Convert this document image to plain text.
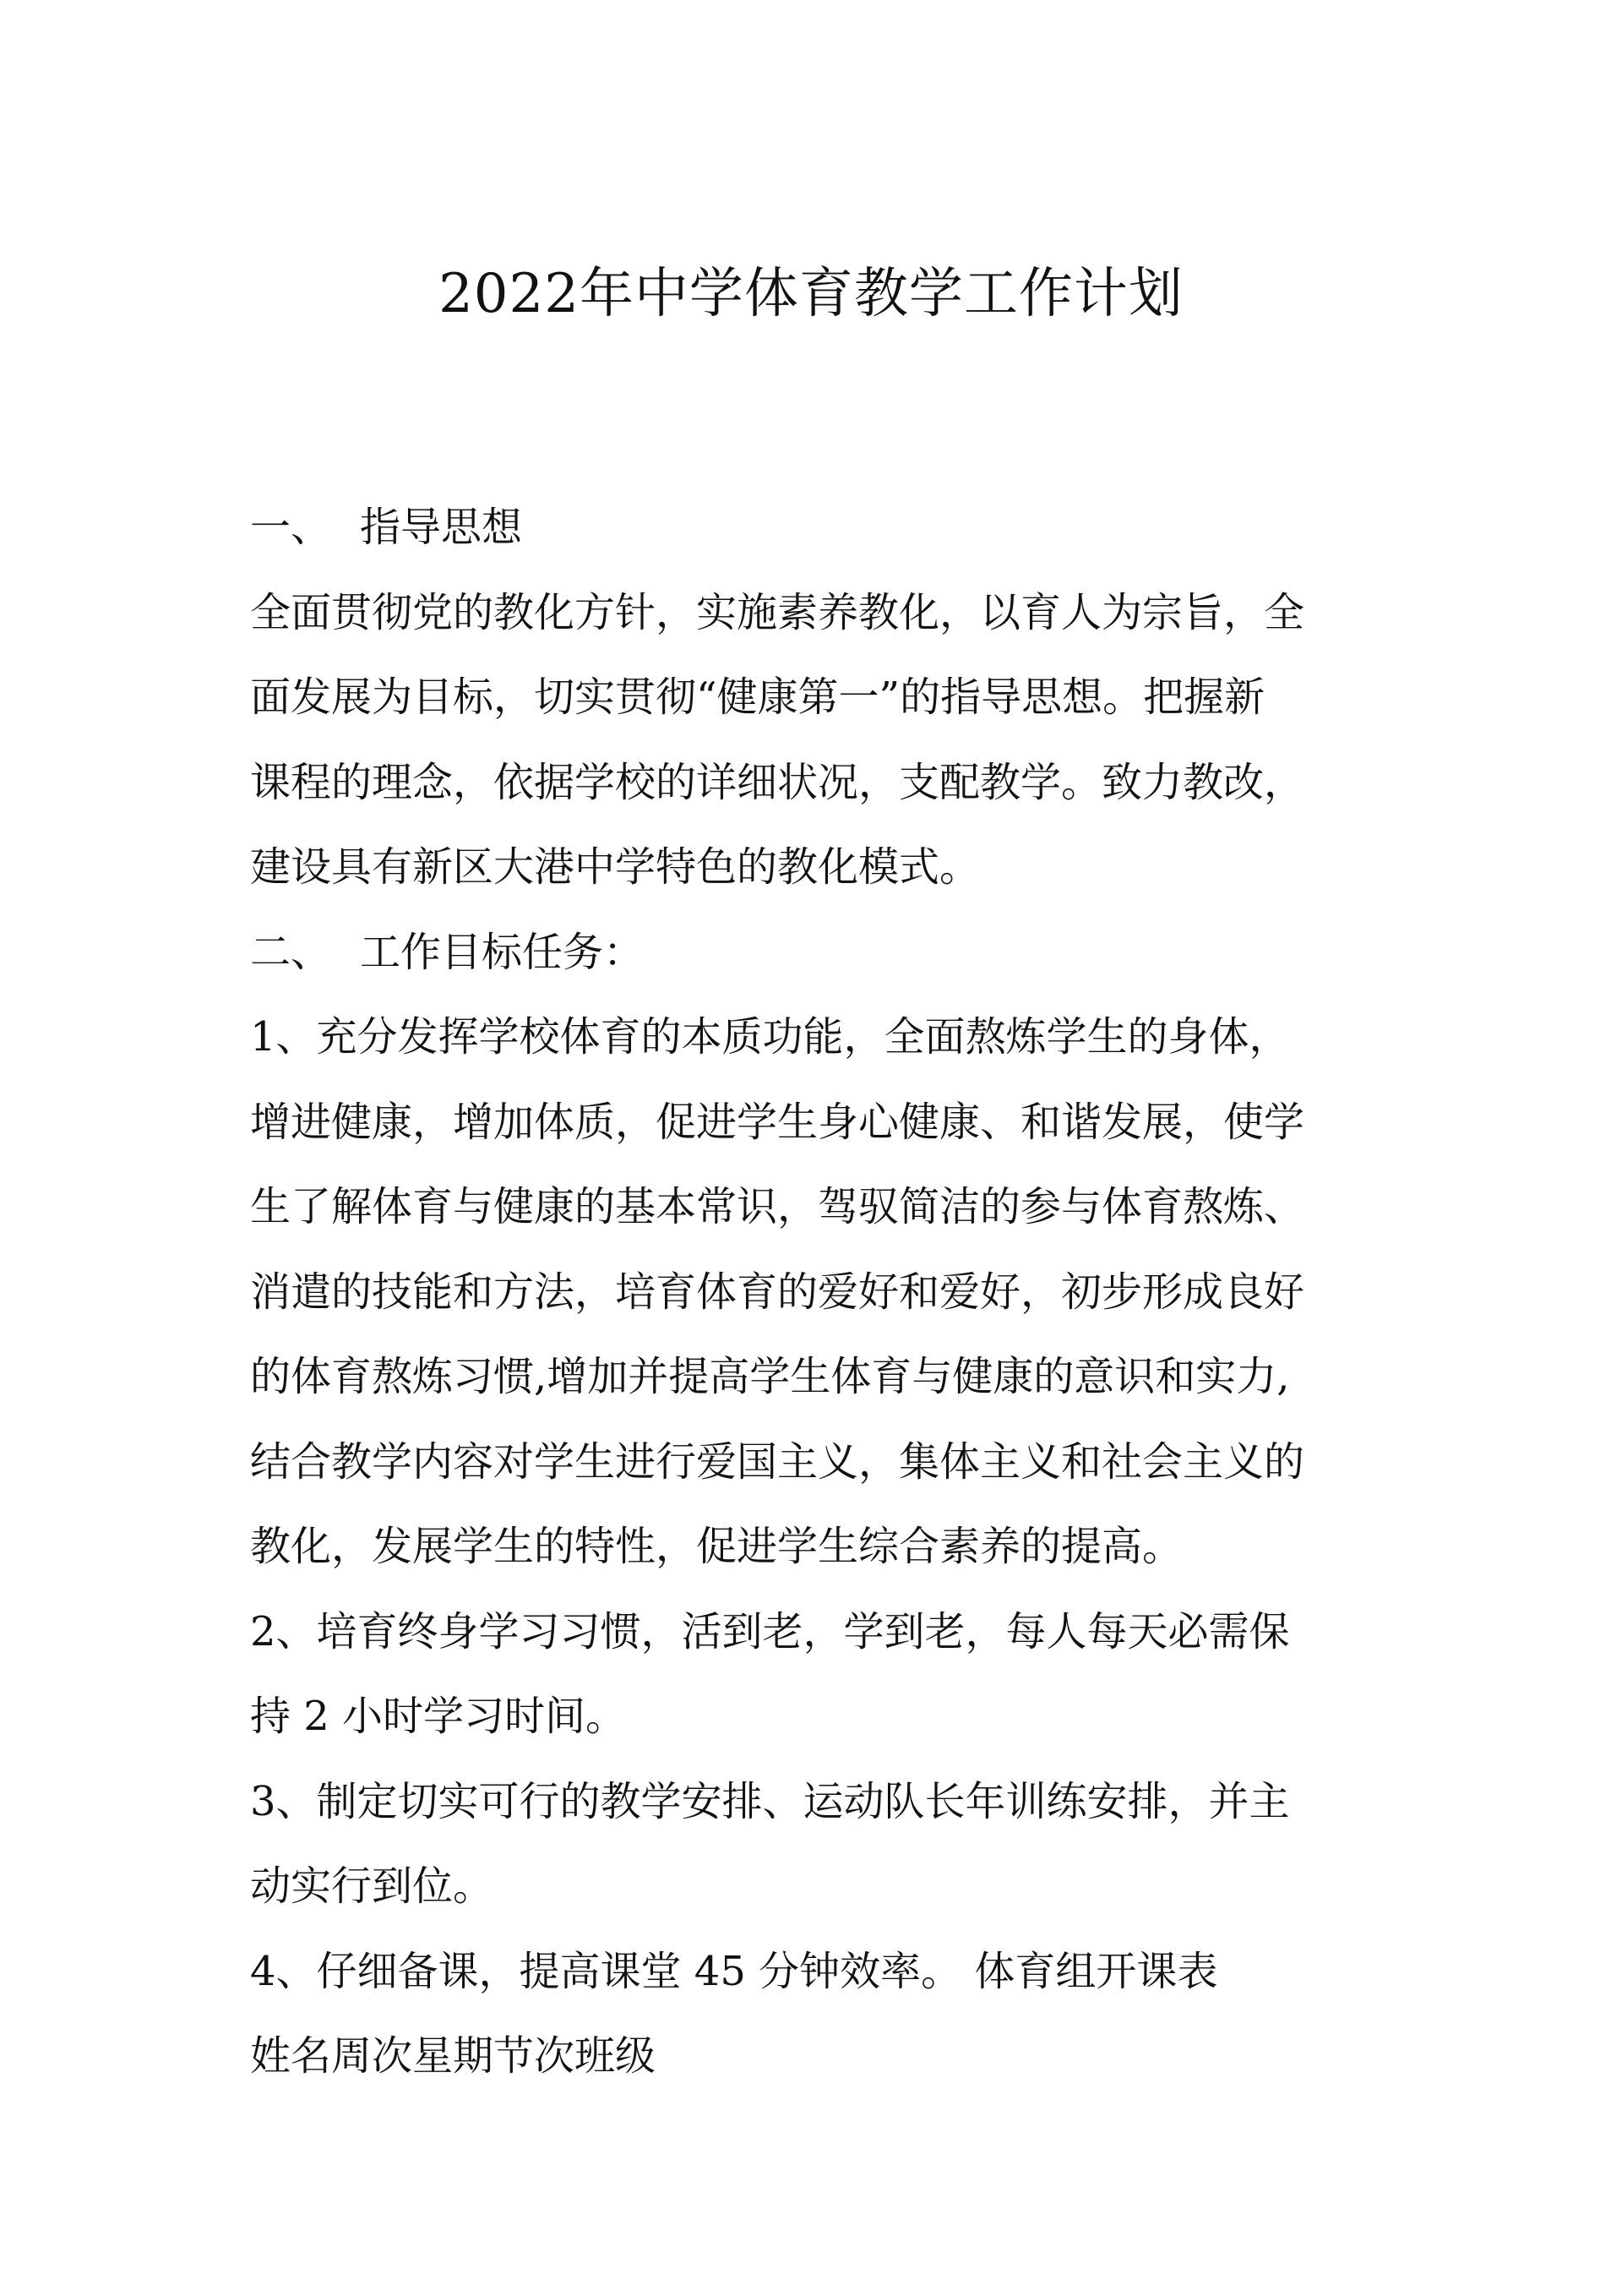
2022年中学体育教学工作计划

一、 指导思想

全面贯彻党的教化方针，实施素养教化，以育人为宗旨，全

面发展为目标，切实贯彻“健康第一”的指导思想。把握新

课程的理念，依据学校的详细状况，支配教学。致力教改，

建设具有新区大港中学特色的教化模式。

二、 工作目标任务：

1、充分发挥学校体育的本质功能，全面熬炼学生的身体，

增进健康，增加体质，促进学生身心健康、和谐发展，使学

生了解体育与健康的基本常识，驾驭简洁的参与体育熬炼、

消遣的技能和方法，培育体育的爱好和爱好，初步形成良好

的体育熬炼习惯,增加并提高学生体育与健康的意识和实力,

结合教学内容对学生进行爱国主义，集体主义和社会主义的

教化，发展学生的特性，促进学生综合素养的提高。

2、培育终身学习习惯，活到老，学到老，每人每天必需保

持 2 小时学习时间。

3、制定切实可行的教学安排、运动队长年训练安排，并主

动实行到位。

4、仔细备课，提高课堂 45 分钟效率。 体育组开课表

姓名周次星期节次班级
